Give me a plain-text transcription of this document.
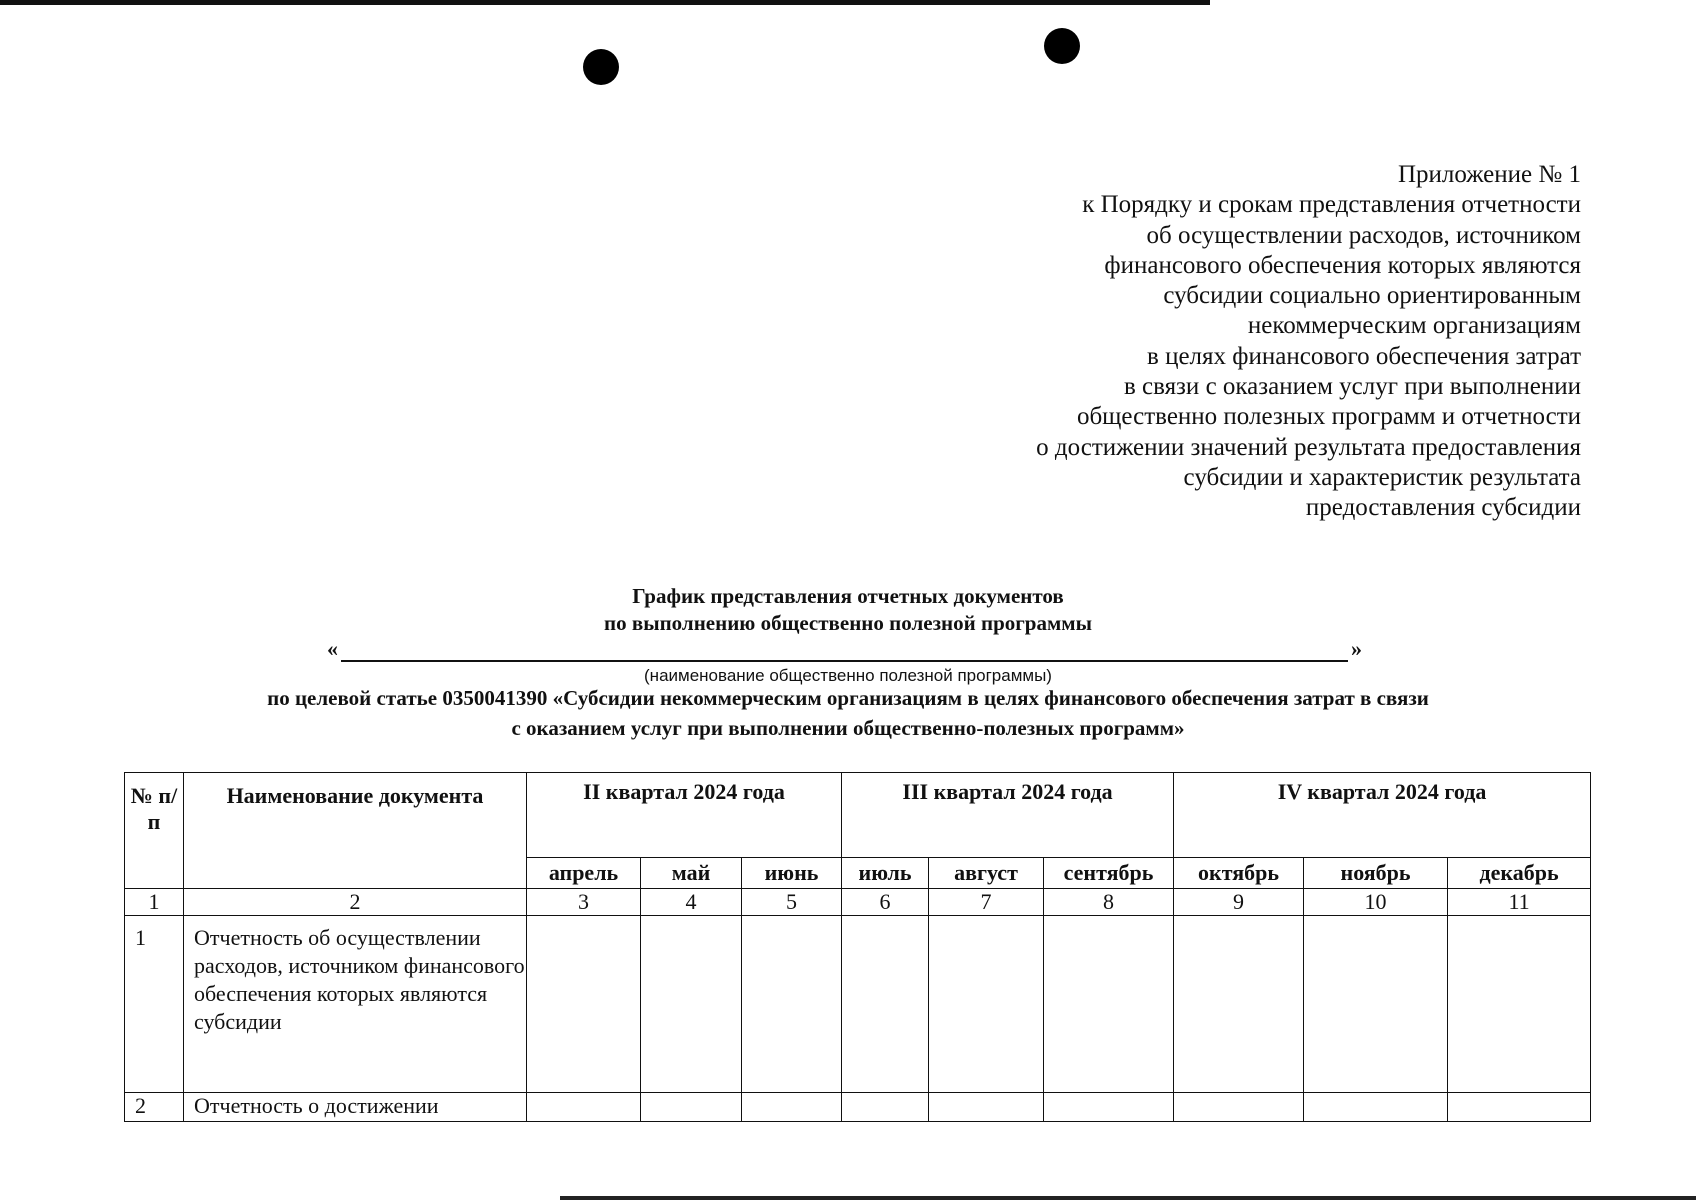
Приложение № 1
к Порядку и срокам представления отчетности
об осуществлении расходов, источником
финансового обеспечения которых являются
субсидии социально ориентированным
некоммерческим организациям
в целях финансового обеспечения затрат
в связи с оказанием услуг при выполнении
общественно полезных программ и отчетности
о достижении значений результата предоставления
субсидии и характеристик результата
предоставления субсидии
График представления отчетных документов
по выполнению общественно полезной программы
«	»
(наименование общественно полезной программы)
по целевой статье 0350041390 «Субсидии некоммерческим организациям в целях финансового обеспечения затрат в связи
с оказанием услуг при выполнении общественно-полезных программ»
№ п/п	Наименование документа	II квартал 2024 года			III квартал 2024 года			IV квартал 2024 года		
		апрель	май	июнь	июль	август	сентябрь	октябрь	ноябрь	декабрь
1	2	3	4	5	6	7	8	9	10	11
1	Отчетность об осуществлении расходов, источником финансового обеспечения которых являются субсидии									
2	Отчетность о достижении									
